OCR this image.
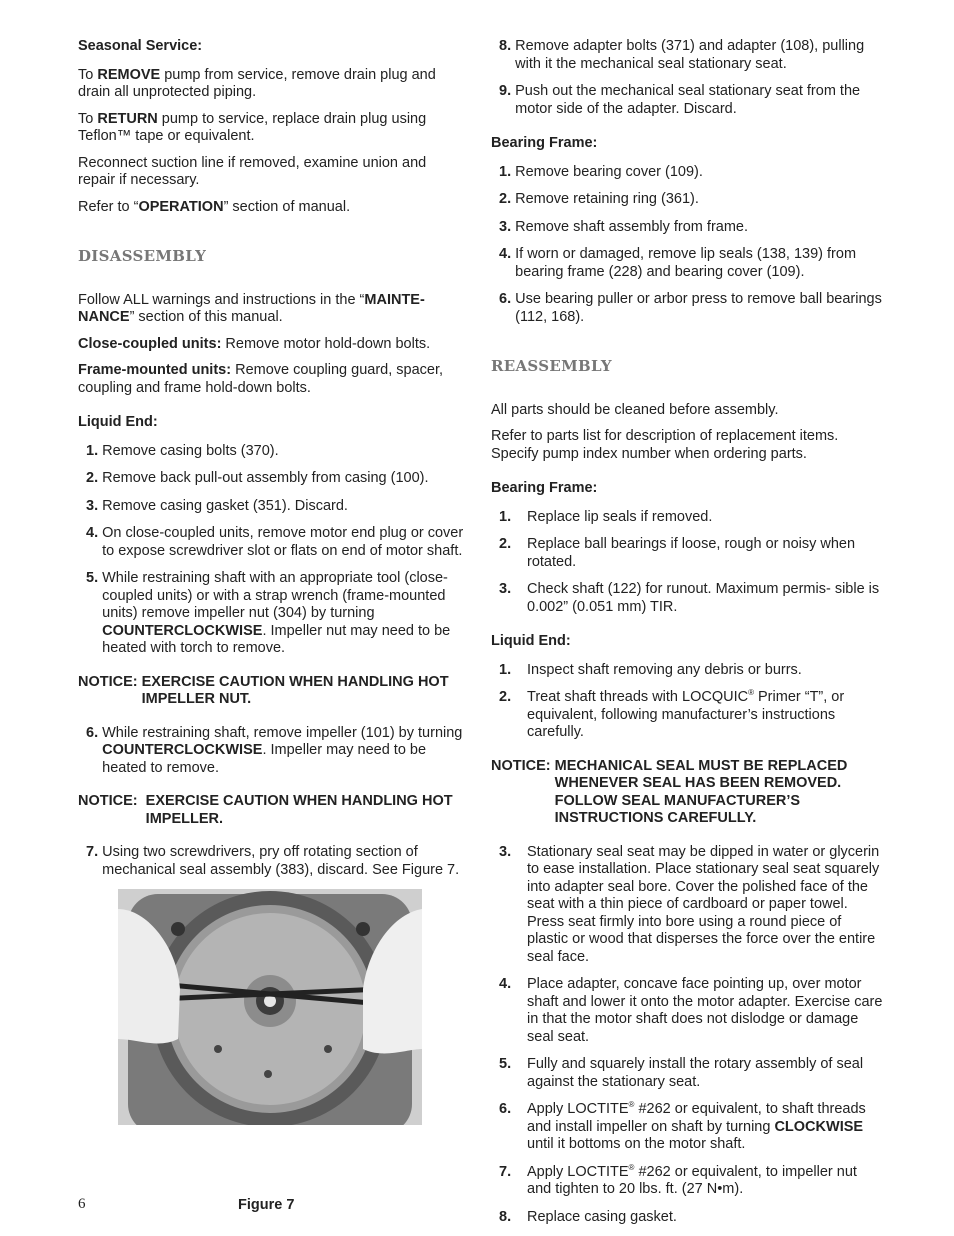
Seasonal Service:

To REMOVE pump from service, remove drain plug and drain all unprotected piping.

To RETURN pump to service, replace drain plug using Teflon™ tape or equivalent.

Reconnect suction line if removed, examine union and repair if necessary.

Refer to “OPERATION” section of manual.

DISASSEMBLY

Follow ALL warnings and instructions in the “MAINTE- NANCE” section of this manual.

Close-coupled units: Remove motor hold-down bolts.

Frame-mounted units: Remove coupling guard, spacer, coupling and frame hold-down bolts.

Liquid End:

1.
Remove casing bolts (370).
2.
Remove back pull-out assembly from casing (100).
3.
Remove casing gasket (351). Discard.
4.
On close-coupled units, remove motor end plug or cover to expose screwdriver slot or flats on end of motor shaft.
5.
While restraining shaft with an appropriate tool (close-coupled units) or with a strap wrench (frame-mounted units) remove impeller nut (304) by turning COUNTERCLOCKWISE. Impeller nut may need to be heated with torch to remove.
NOTICE: EXERCISE CAUTION WHEN HANDLING HOT IMPELLER NUT.
6.
While restraining shaft, remove impeller (101) by turning COUNTERCLOCKWISE. Impeller may need to be heated to remove.
NOTICE: EXERCISE CAUTION WHEN HANDLING HOT IMPELLER.
7.
Using two screwdrivers, pry off rotating section of mechanical seal assembly (383), discard. See Figure 7.
6	Figure 7
8.
Remove adapter bolts (371) and adapter (108), pulling with it the mechanical seal stationary seat.
9.
Push out the mechanical seal stationary seat from the motor side of the adapter. Discard.

Bearing Frame:

1.
Remove bearing cover (109).
2.
Remove retaining ring (361).
3.
Remove shaft assembly from frame.
4.
If worn or damaged, remove lip seals (138, 139) from bearing frame (228) and bearing cover (109).
6.
Use bearing puller or arbor press to remove ball bearings (112, 168).
REASSEMBLY

All parts should be cleaned before assembly.

Refer to parts list for description of replacement items. Specify pump index number when ordering parts.

Bearing Frame:

1.	Replace lip seals if removed.
2.	Replace ball bearings if loose, rough or noisy when rotated.
3.	Check shaft (122) for runout. Maximum permis- sible is 0.002” (0.051 mm) TIR.

Liquid End:

1.	Inspect shaft removing any debris or burrs.
2.	Treat shaft threads with LOCQUIC® Primer “T”, or equivalent, following manufacturer’s instructions carefully.
NOTICE: MECHANICAL SEAL MUST BE REPLACED WHENEVER SEAL HAS BEEN REMOVED. FOLLOW SEAL MANUFACTURER’S INSTRUCTIONS CAREFULLY.
3.	Stationary seal seat may be dipped in water or glycerin to ease installation. Place stationary seal seat squarely into adapter seal bore. Cover the polished face of the seat with a thin piece of cardboard or paper towel. Press seat firmly into bore using a round piece of plastic or wood that disperses the force over the entire seal face.
4.	Place adapter, concave face pointing up, over motor shaft and lower it onto the motor adapter. Exercise care in that the motor shaft does not dislodge or damage seal seat.
5.	Fully and squarely install the rotary assembly of seal against the stationary seat.
6.	Apply LOCTITE® #262 or equivalent, to shaft threads and install impeller on shaft by turning CLOCKWISE until it bottoms on the motor shaft.
7.	Apply LOCTITE® #262 or equivalent, to impeller nut and tighten to 20 lbs. ft. (27 N•m).
8.	Replace casing gasket.
